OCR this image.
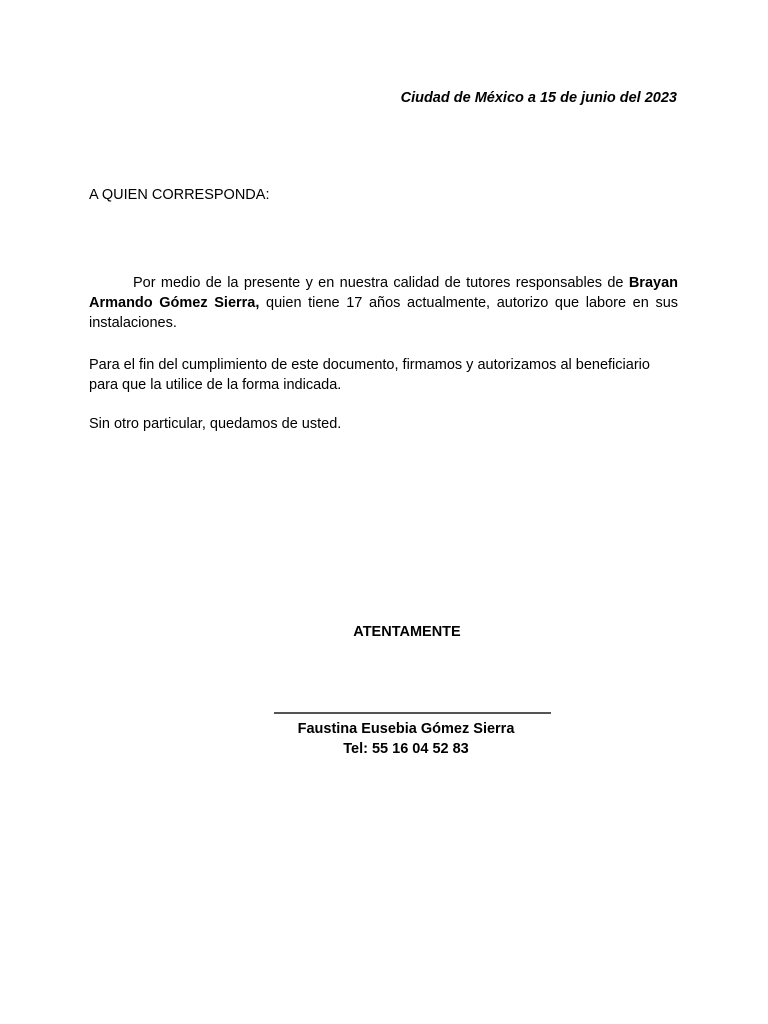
Ciudad de México a 15 de junio del 2023
A QUIEN CORRESPONDA:
Por medio de la presente y en nuestra calidad de tutores responsables de Brayan Armando Gómez Sierra, quien tiene 17 años actualmente, autorizo que labore en sus instalaciones.
Para el fin del cumplimiento de este documento, firmamos y autorizamos al beneficiario para que la utilice de la forma indicada.
Sin otro particular, quedamos de usted.
ATENTAMENTE
Faustina Eusebia Gómez Sierra
Tel: 55 16 04 52 83
